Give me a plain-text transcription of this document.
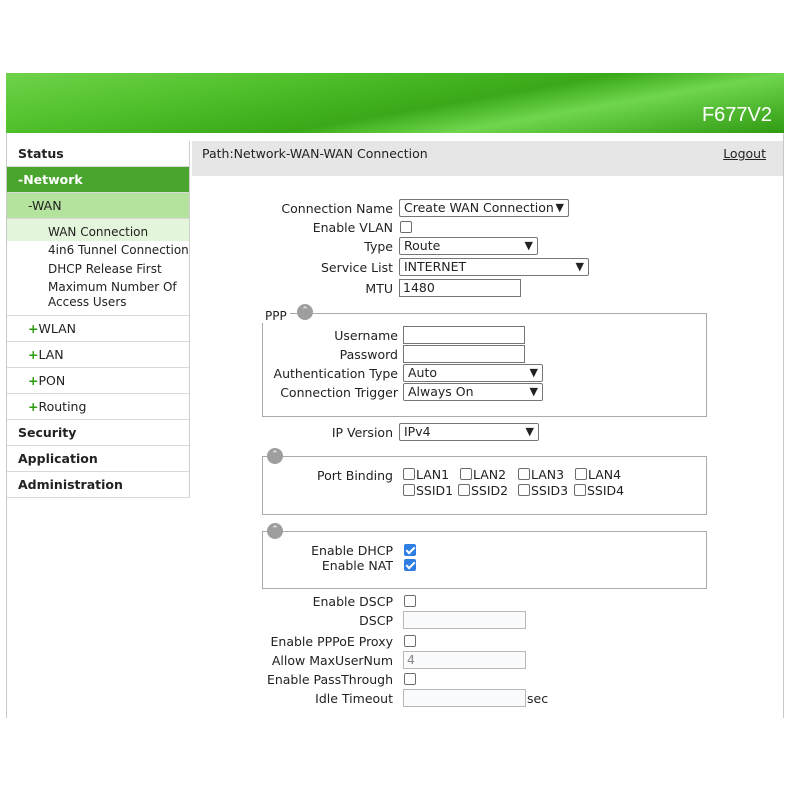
F677V2
Status
-Network
-WAN
WAN Connection
4in6 Tunnel Connection
DHCP Release First
Maximum Number Of Access Users
+WLAN
+LAN
+PON
+Routing
Security
Application
Administration
Path:Network-WAN-WAN Connection	Logout
Connection Name Create WAN Connection ▼
Enable VLAN
Type Route	▼
Service List INTERNET	▼
MTU 1480
PPP	⌃
Username
Password
Authentication Type Auto	▼
Connection Trigger Always On	▼
IP Version IPv4	▼
⌃
Port Binding LAN1 LAN2 LAN3 LAN4
SSID1 SSID2 SSID3 SSID4
⌃
Enable DHCP
Enable NAT
Enable DSCP
DSCP
Enable PPPoE Proxy
Allow MaxUserNum	4
Enable PassThrough
Idle Timeout	sec
